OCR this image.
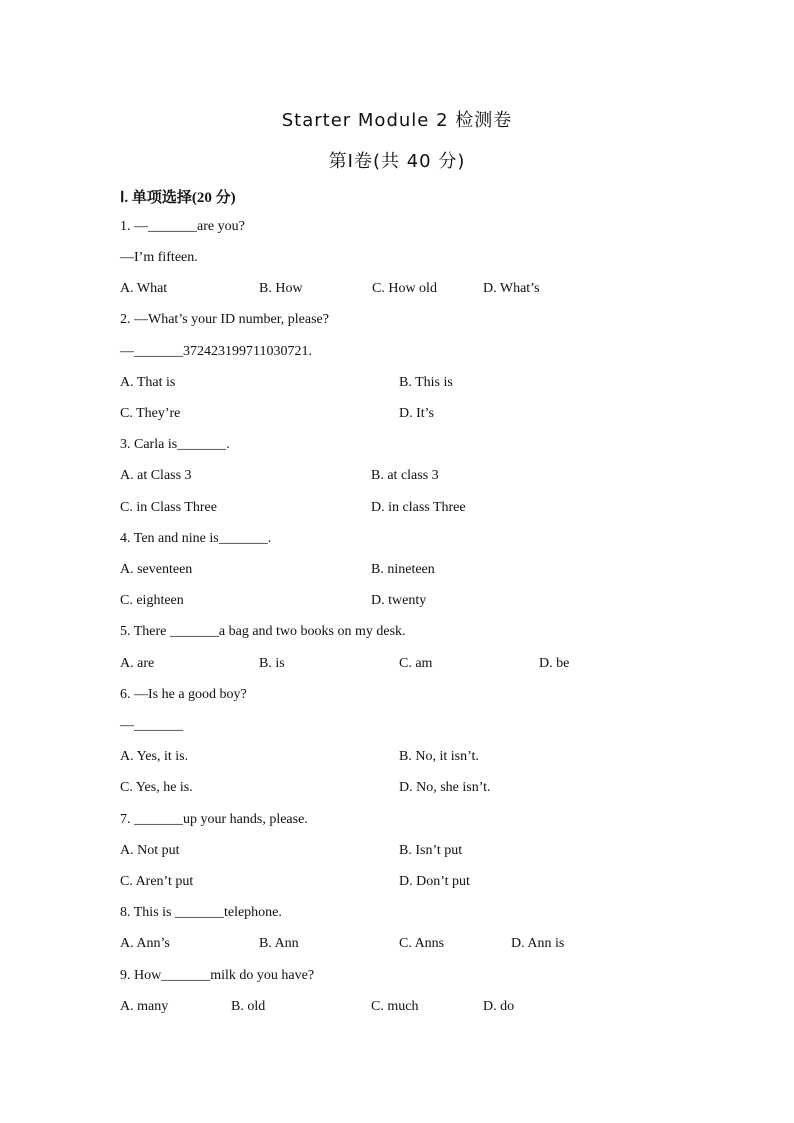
Starter Module 2 检测卷
第Ⅰ卷(共 40 分)
Ⅰ. 单项选择(20 分)
1. —_______are you?
—I’m fifteen.
A. What	B. How	C. How old	D. What’s
2. —What’s your ID number, please?
—_______372423199711030721.
A. That is	B. This is
C. They’re	D. It’s
3. Carla is_______.
A. at Class 3	B. at class 3
C. in Class Three	D. in class Three
4. Ten and nine is_______.
A. seventeen	B. nineteen
C. eighteen	D. twenty
5. There _______a bag and two books on my desk.
A. are	B. is	C. am	D. be
6. —Is he a good boy?
—_______
A. Yes, it is.	B. No, it isn’t.
C. Yes, he is.	D. No, she isn’t.
7. _______up your hands, please.
A. Not put	B. Isn’t put
C. Aren’t put	D. Don’t put
8. This is _______telephone.
A. Ann’s	B. Ann	C. Anns	D. Ann is
9. How_______milk do you have?
A. many	B. old	C. much	D. do
